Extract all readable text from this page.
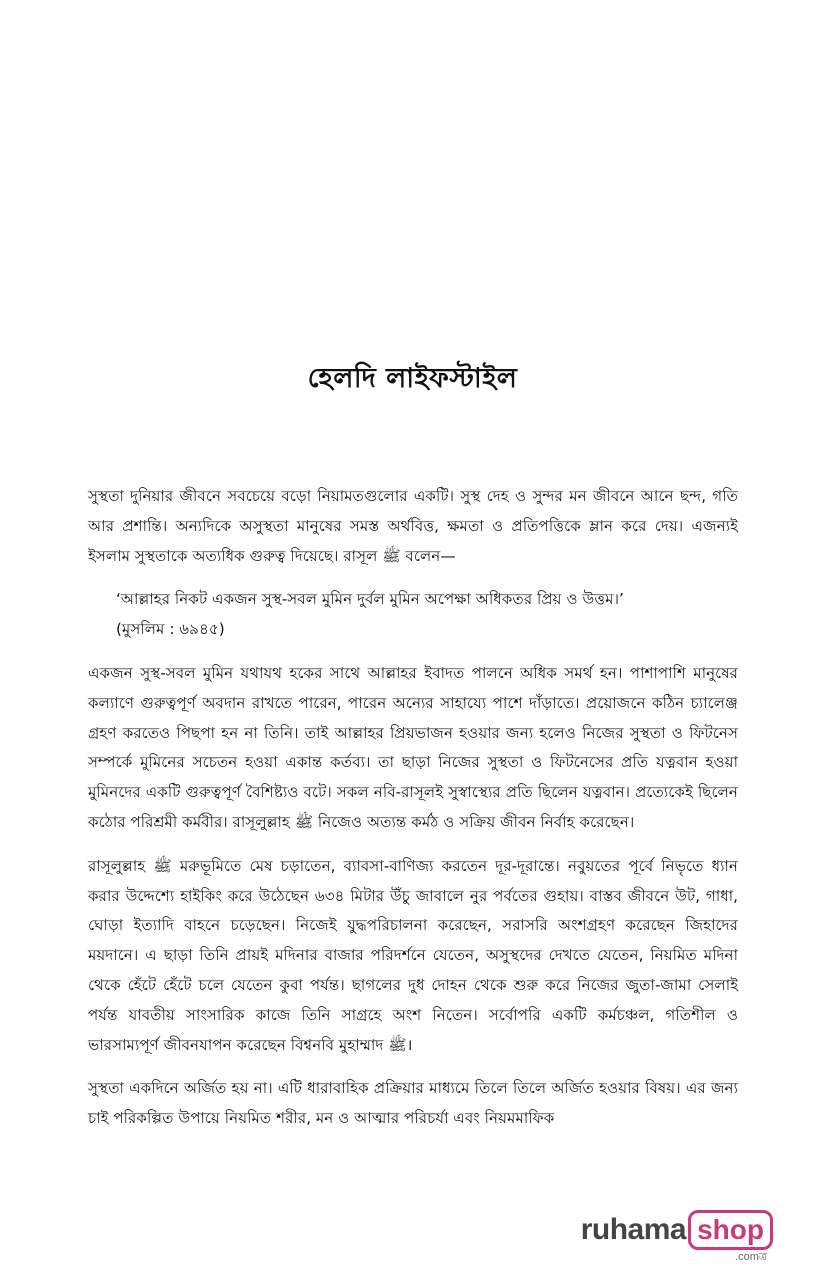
হেলদি লাইফস্টাইল

সুস্থতা দুনিয়ার জীবনে সবচেয়ে বড়ো নিয়ামতগুলোর একটি। সুস্থ দেহ ও সুন্দর মন জীবনে আনে ছন্দ, গতি আর প্রশান্তি। অন্যদিকে অসুস্থতা মানুষের সমস্ত অর্থবিত্ত, ক্ষমতা ও প্রতিপত্তিকে ম্লান করে দেয়। এজন্যই ইসলাম সুস্থতাকে অত্যধিক গুরুত্ব দিয়েছে। রাসূল ﷺ বলেন—

‘আল্লাহর নিকট একজন সুস্থ-সবল মুমিন দুর্বল মুমিন অপেক্ষা অধিকতর প্রিয় ও উত্তম।’
(মুসলিম : ৬৯৪৫)

একজন সুস্থ-সবল মুমিন যথাযথ হকের সাথে আল্লাহর ইবাদত পালনে অধিক সমর্থ হন। পাশাপাশি মানুষের কল্যাণে গুরুত্বপূর্ণ অবদান রাখতে পারেন, পারেন অন্যের সাহায্যে পাশে দাঁড়াতে। প্রয়োজনে কঠিন চ্যালেঞ্জ গ্রহণ করতেও পিছপা হন না তিনি। তাই আল্লাহর প্রিয়ভাজন হওয়ার জন্য হলেও নিজের সুস্থতা ও ফিটনেস সম্পর্কে মুমিনের সচেতন হওয়া একান্ত কর্তব্য। তা ছাড়া নিজের সুস্থতা ও ফিটনেসের প্রতি যত্নবান হওয়া মুমিনদের একটি গুরুত্বপূর্ণ বৈশিষ্ট্যও বটে। সকল নবি-রাসূলই সুস্বাস্থ্যের প্রতি ছিলেন যত্নবান। প্রত্যেকেই ছিলেন কঠোর পরিশ্রমী কর্মবীর। রাসূলুল্লাহ ﷺ নিজেও অত্যন্ত কর্মঠ ও সক্রিয় জীবন নির্বাহ করেছেন।

রাসূলুল্লাহ ﷺ মরুভূমিতে মেষ চড়াতেন, ব্যাবসা-বাণিজ্য করতেন দূর-দূরান্তে। নবুয়তের পূর্বে নিভৃতে ধ্যান করার উদ্দেশ্যে হাইকিং করে উঠেছেন ৬৩৪ মিটার উঁচু জাবালে নুর পর্বতের গুহায়। বাস্তব জীবনে উট, গাধা, ঘোড়া ইত্যাদি বাহনে চড়েছেন। নিজেই যুদ্ধপরিচালনা করেছেন, সরাসরি অংশগ্রহণ করেছেন জিহাদের ময়দানে। এ ছাড়া তিনি প্রায়ই মদিনার বাজার পরিদর্শনে যেতেন, অসুস্থদের দেখতে যেতেন, নিয়মিত মদিনা থেকে হেঁটে হেঁটে চলে যেতেন কুবা পর্যন্ত। ছাগলের দুধ দোহন থেকে শুরু করে নিজের জুতা-জামা সেলাই পর্যন্ত যাবতীয় সাংসারিক কাজে তিনি সাগ্রহে অংশ নিতেন। সর্বোপরি একটি কর্মচঞ্চল, গতিশীল ও ভারসাম্যপূর্ণ জীবনযাপন করেছেন বিশ্বনবি মুহাম্মাদ ﷺ।

সুস্থতা একদিনে অর্জিত হয় না। এটি ধারাবাহিক প্রক্রিয়ার মাধ্যমে তিলে তিলে অর্জিত হওয়ার বিষয়। এর জন্য চাই পরিকল্পিত উপায়ে নিয়মিত শরীর, মন ও আত্মার পরিচর্যা এবং নিয়মমাফিক

ruhama shop
.comত্র
